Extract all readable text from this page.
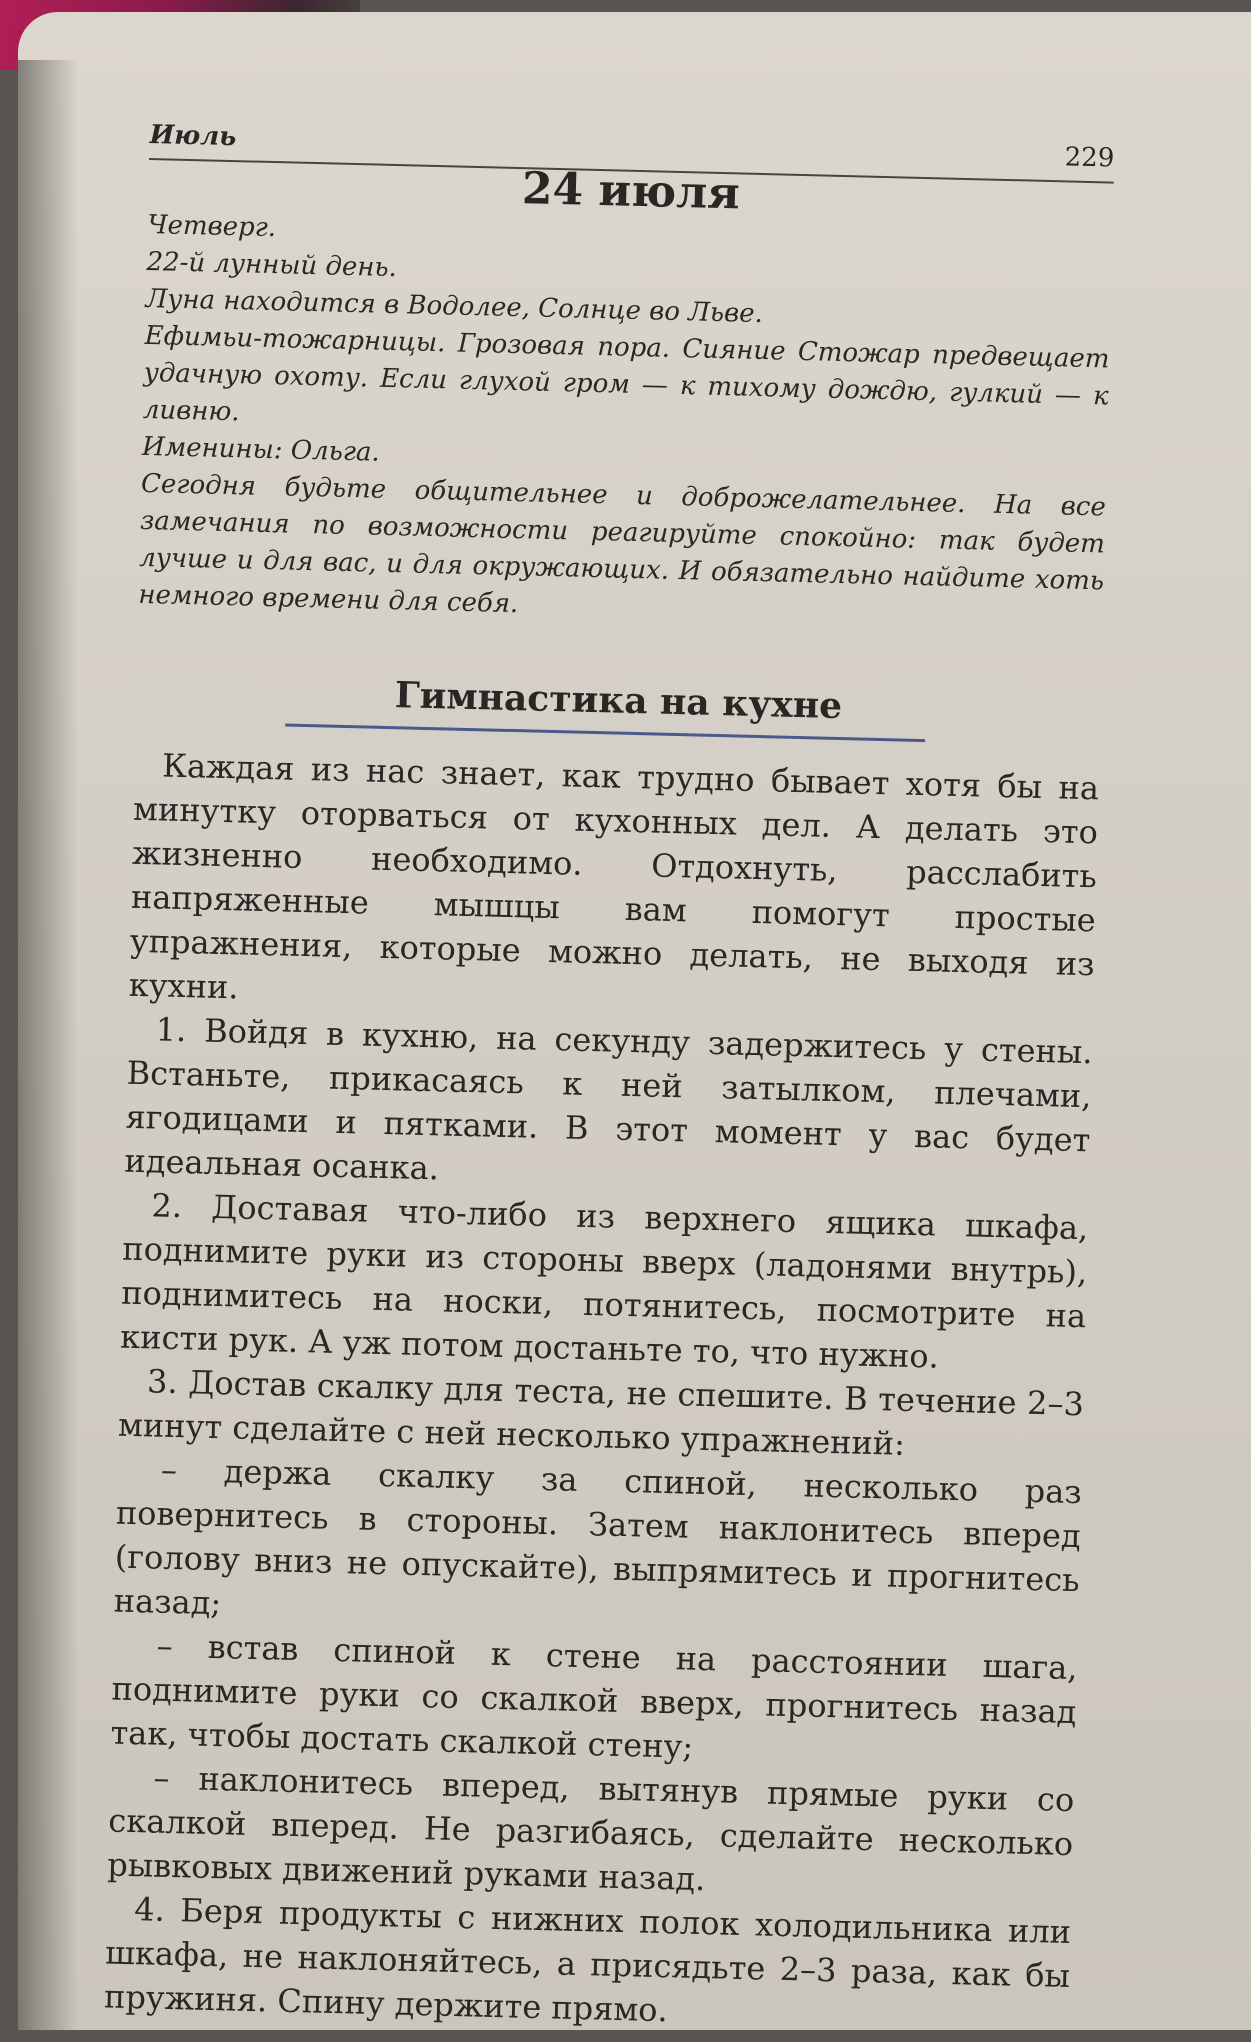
Июль
229
24 июля

Четверг.

22-й лунный день.

Луна находится в Водолее, Солнце во Льве.

Ефимьи-тожарницы. Грозовая пора. Сияние Стожар предвещает удачную охоту. Если глухой гром — к тихому дождю, гулкий — к ливню.

Именины: Ольга.

Сегодня будьте общительнее и доброжелательнее. На все замечания по возможности реагируйте спокойно: так будет лучше и для вас, и для окружающих. И обязательно найдите хоть немного времени для себя.

Гимнастика на кухне

Каждая из нас знает, как трудно бывает хотя бы на минутку оторваться от кухонных дел. А делать это жизненно необходимо. Отдохнуть, расслабить напряженные мышцы вам помогут простые упражнения, которые можно делать, не выходя из кухни.

1. Войдя в кухню, на секунду задержитесь у стены. Встаньте, прикасаясь к ней затылком, плечами, ягодицами и пятками. В этот момент у вас будет идеальная осанка.

2. Доставая что-либо из верхнего ящика шкафа, поднимите руки из стороны вверх (ладонями внутрь), поднимитесь на носки, потянитесь, посмотрите на кисти рук. А уж потом достаньте то, что нужно.

3. Достав скалку для теста, не спешите. В течение 2–3 минут сделайте с ней несколько упражнений:

– держа скалку за спиной, несколько раз повернитесь в стороны. Затем наклонитесь вперед (голову вниз не опускайте), выпрямитесь и прогнитесь назад;

– встав спиной к стене на расстоянии шага, поднимите руки со скалкой вверх, прогнитесь назад так, чтобы достать скалкой стену;

– наклонитесь вперед, вытянув прямые руки со скалкой вперед. Не разгибаясь, сделайте несколько рывковых движений руками назад.

4. Беря продукты с нижних полок холодильника или шкафа, не наклоняйтесь, а присядьте 2–3 раза, как бы пружиня. Спину держите прямо.
